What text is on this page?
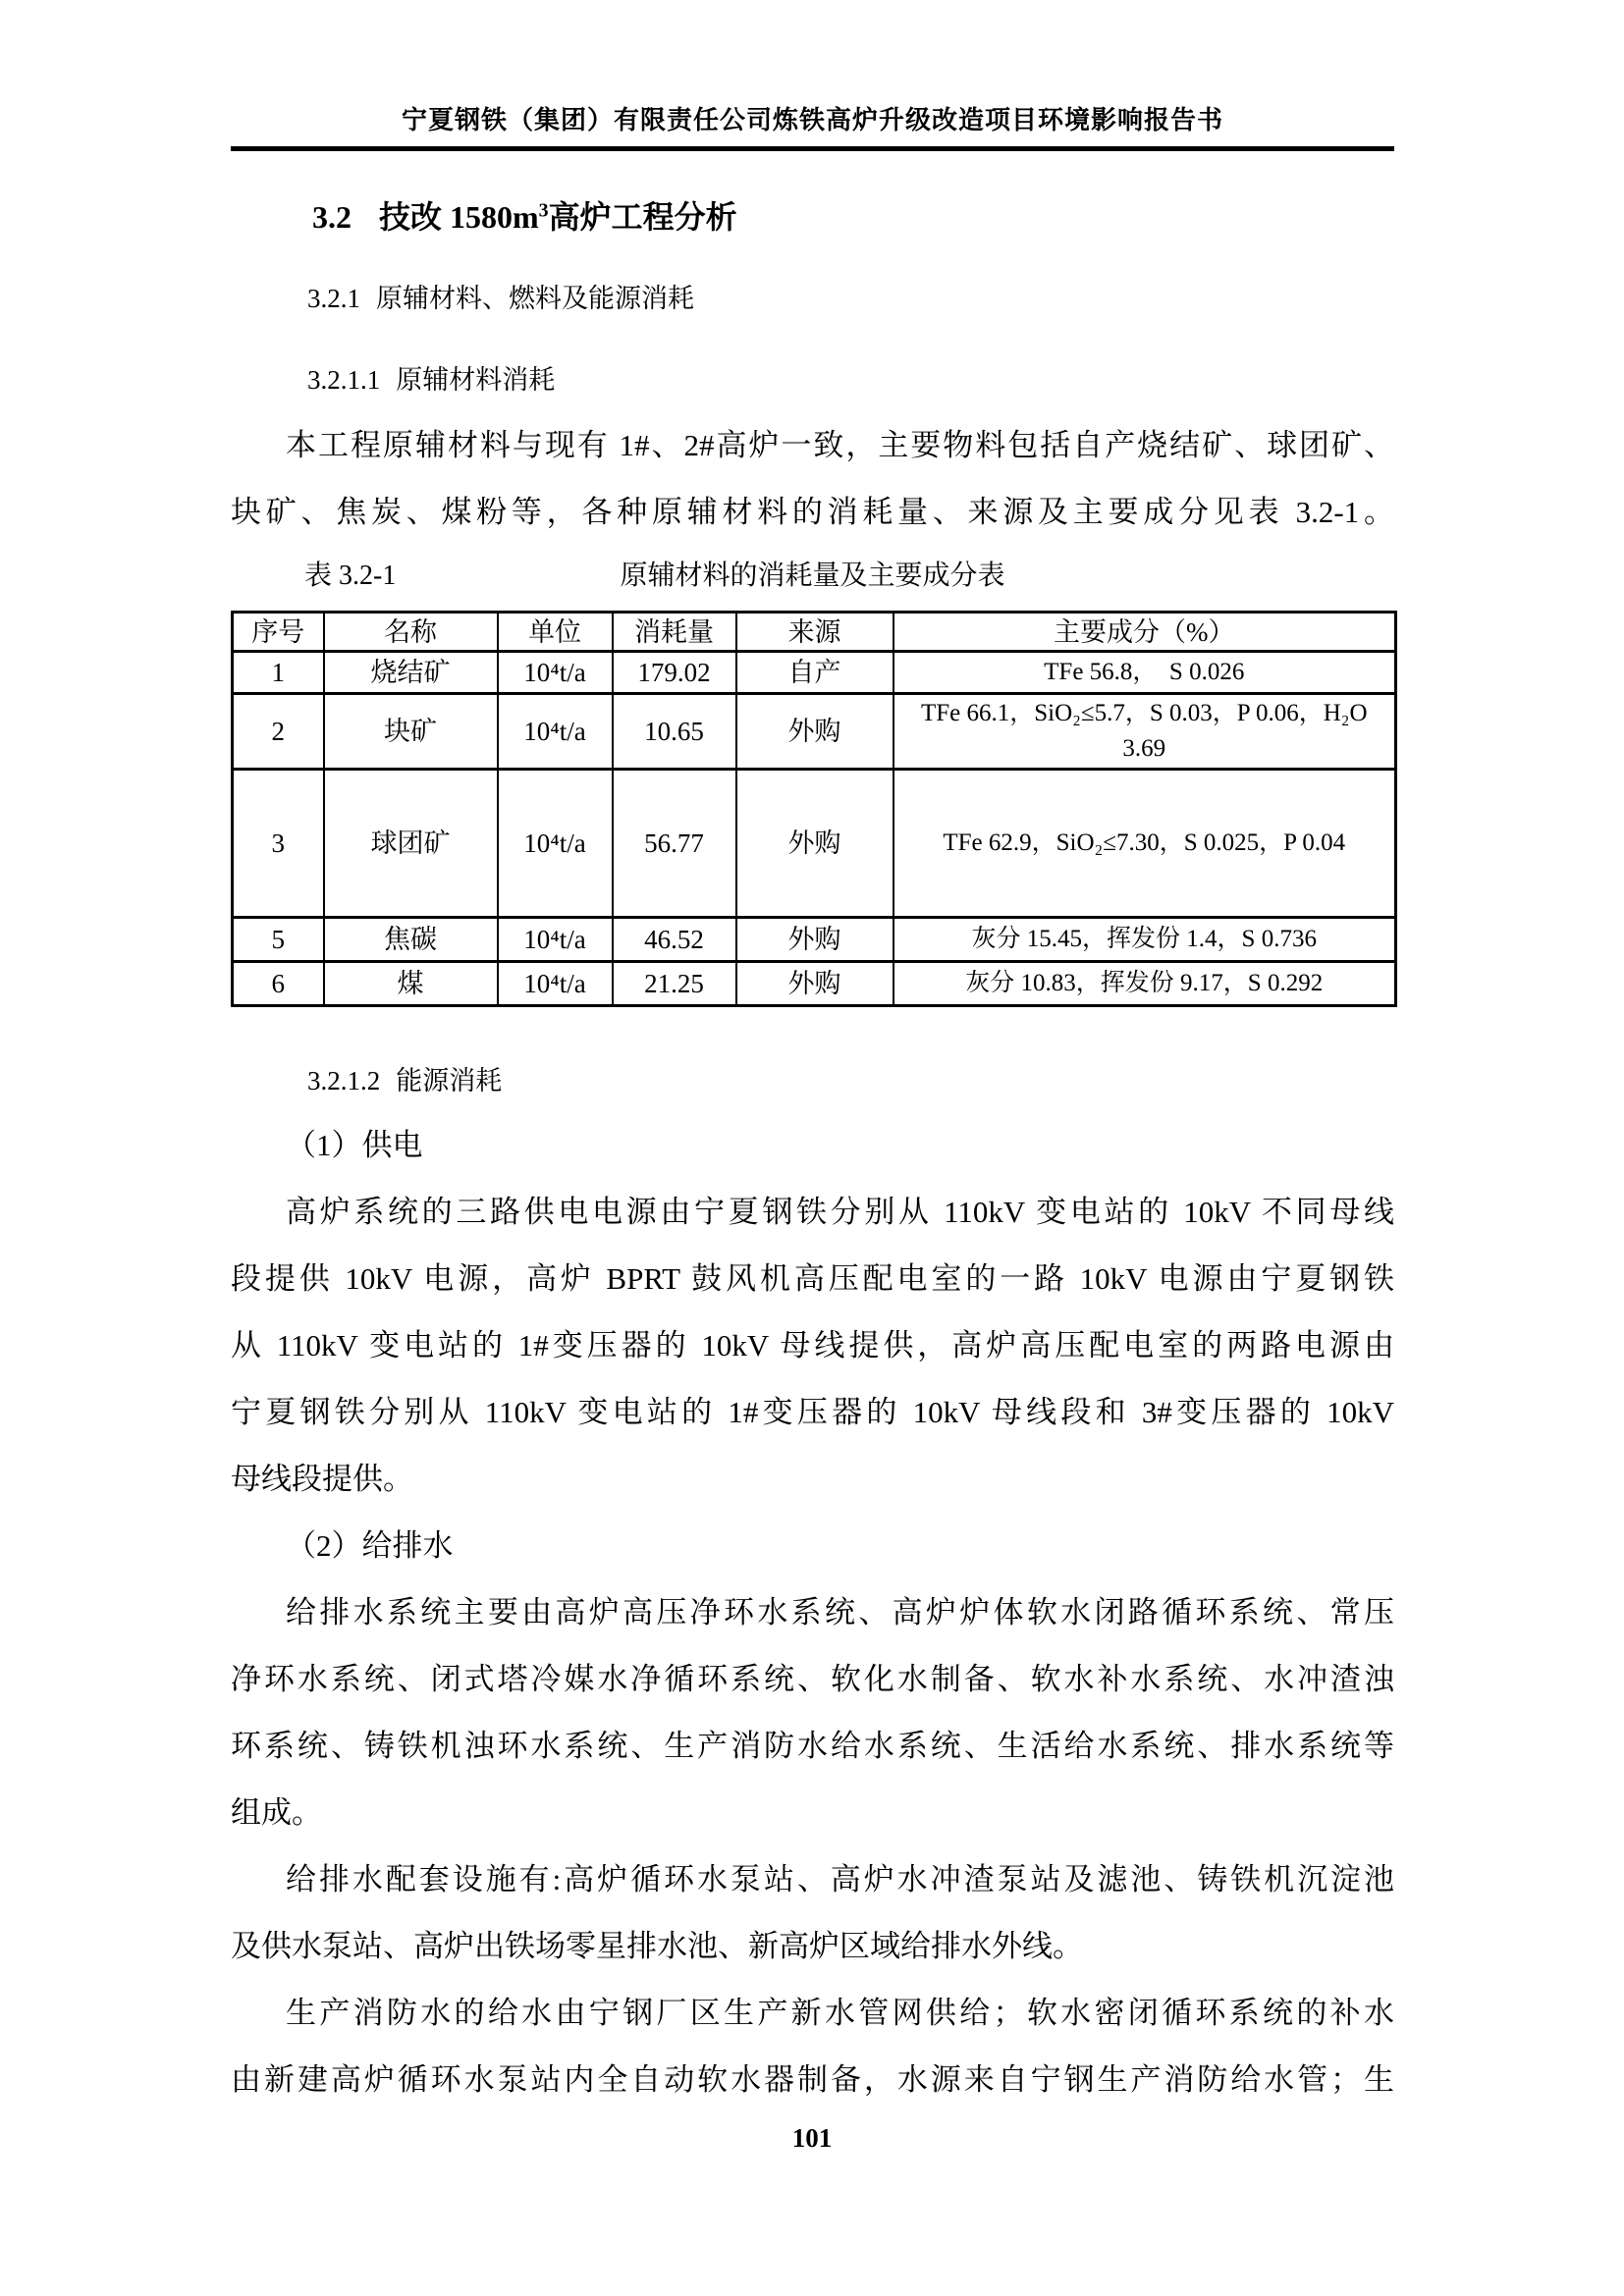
宁夏钢铁（集团）有限责任公司炼铁高炉升级改造项目环境影响报告书
3.2 技改 $1580m^3$高炉工程分析
3.2.1 原辅材料、燃料及能源消耗
3.2.1.1 原辅材料消耗
本工程原辅材料与现有 1#、2#高炉一致，主要物料包括自产烧结矿、球团矿、
块矿、焦炭、煤粉等，各种原辅材料的消耗量、来源及主要成分见表 3.2-1。
表 3.2-1	原辅材料的消耗量及主要成分表
序号	名称	单位	消耗量	来源	主要成分（%）
1	烧结矿	10⁴t/a	179.02	自产	TFe 56.8，　S 0.026
2	块矿	10⁴t/a	10.65	外购	TFe 66.1，SiO₂≤5.7，S 0.03，P 0.06，H₂O 3.69
3	球团矿	10⁴t/a	56.77	外购	TFe 62.9，SiO₂≤7.30，S 0.025，P 0.04
5	焦碳	10⁴t/a	46.52	外购	灰分 15.45，挥发份 1.4，S 0.736
6	煤	10⁴t/a	21.25	外购	灰分 10.83，挥发份 9.17，S 0.292
3.2.1.2 能源消耗
（1）供电
高炉系统的三路供电电源由宁夏钢铁分别从 110kV 变电站的 10kV 不同母线
段提供 10kV 电源，高炉 BPRT 鼓风机高压配电室的一路 10kV 电源由宁夏钢铁
从 110kV 变电站的 1#变压器的 10kV 母线提供，高炉高压配电室的两路电源由
宁夏钢铁分别从 110kV 变电站的 1#变压器的 10kV 母线段和 3#变压器的 10kV
母线段提供。
（2）给排水
给排水系统主要由高炉高压净环水系统、高炉炉体软水闭路循环系统、常压
净环水系统、闭式塔冷媒水净循环系统、软化水制备、软水补水系统、水冲渣浊
环系统、铸铁机浊环水系统、生产消防水给水系统、生活给水系统、排水系统等
组成。
给排水配套设施有:高炉循环水泵站、高炉水冲渣泵站及滤池、铸铁机沉淀池
及供水泵站、高炉出铁场零星排水池、新高炉区域给排水外线。
生产消防水的给水由宁钢厂区生产新水管网供给；软水密闭循环系统的补水
由新建高炉循环水泵站内全自动软水器制备，水源来自宁钢生产消防给水管；生
101
